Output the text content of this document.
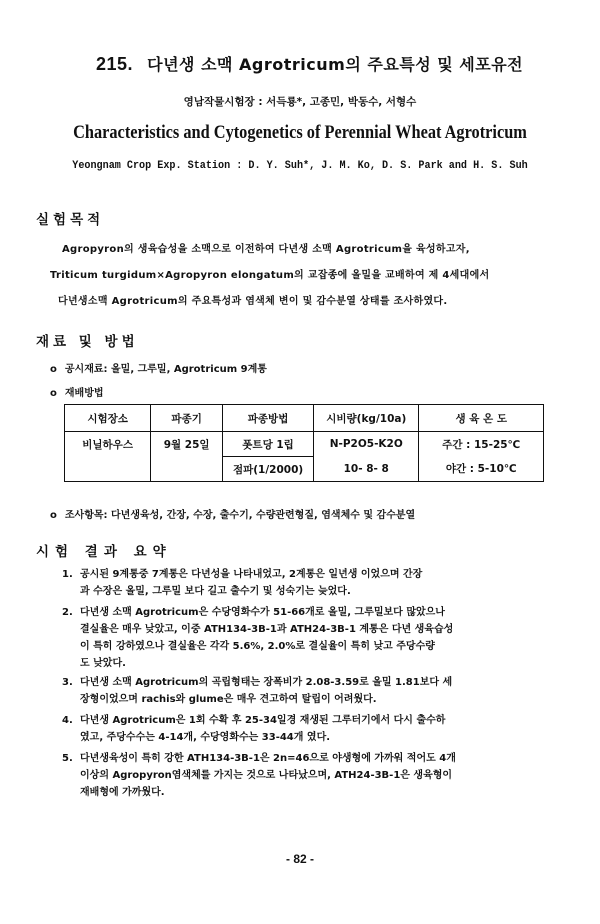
215. 다년생 소맥 Agrotricum의 주요특성 및 세포유전
영남작물시험장 : 서득룡*, 고종민, 박동수, 서형수
Characteristics and Cytogenetics of Perennial Wheat Agrotricum
Yeongnam Crop Exp. Station : D. Y. Suh*, J. M. Ko, D. S. Park and H. S. Suh
실험목적
Agropyron의 생육습성을 소맥으로 이전하여 다년생 소맥 Agrotricum을 육성하고자,
Triticum turgidum×Agropyron elongatum의 교잡종에 올밀을 교배하여 제 4세대에서
다년생소맥 Agrotricum의 주요특성과 염색체 변이 및 감수분열 상태를 조사하였다.
재료 및 방법
o 공시재료: 올밀, 그루밀, Agrotricum 9계통
o 재배방법
시험장소	파종기	파종방법	시비량(kg/10a)	생 육 온 도
비닐하우스	9월 25일	폿트당 1립	N-P2O5-K2O	주간 : 15-25℃
		점파(1/2000)	10- 8- 8	야간 : 5-10℃
o 조사항목: 다년생육성, 간장, 수장, 출수기, 수량관련형질, 염색체수 및 감수분열
시험 결과 요약
1. 공시된 9계통중 7계통은 다년성을 나타내었고, 2계통은 일년생 이었으며 간장
과 수장은 올밀, 그루밀 보다 길고 출수기 및 성숙기는 늦었다.
2. 다년생 소맥 Agrotricum은 수당영화수가 51-66개로 올밀, 그루밀보다 많았으나
결실율은 매우 낮았고, 이중 ATH134-3B-1과 ATH24-3B-1 계통은 다년 생육습성
이 특히 강하였으나 결실율은 각각 5.6%, 2.0%로 결실율이 특히 낮고 주당수량
도 낮았다.
3. 다년생 소맥 Agrotricum의 곡립형태는 장폭비가 2.08-3.59로 올밀 1.81보다 세
장형이었으며 rachis와 glume은 매우 견고하여 탈립이 어려웠다.
4. 다년생 Agrotricum은 1회 수확 후 25-34일경 재생된 그루터기에서 다시 출수하
였고, 주당수수는 4-14개, 수당영화수는 33-44개 였다.
5. 다년생육성이 특히 강한 ATH134-3B-1은 2n=46으로 야생형에 가까워 적어도 4개
이상의 Agropyron염색체를 가지는 것으로 나타났으며, ATH24-3B-1은 생육형이
재배형에 가까웠다.
- 82 -
